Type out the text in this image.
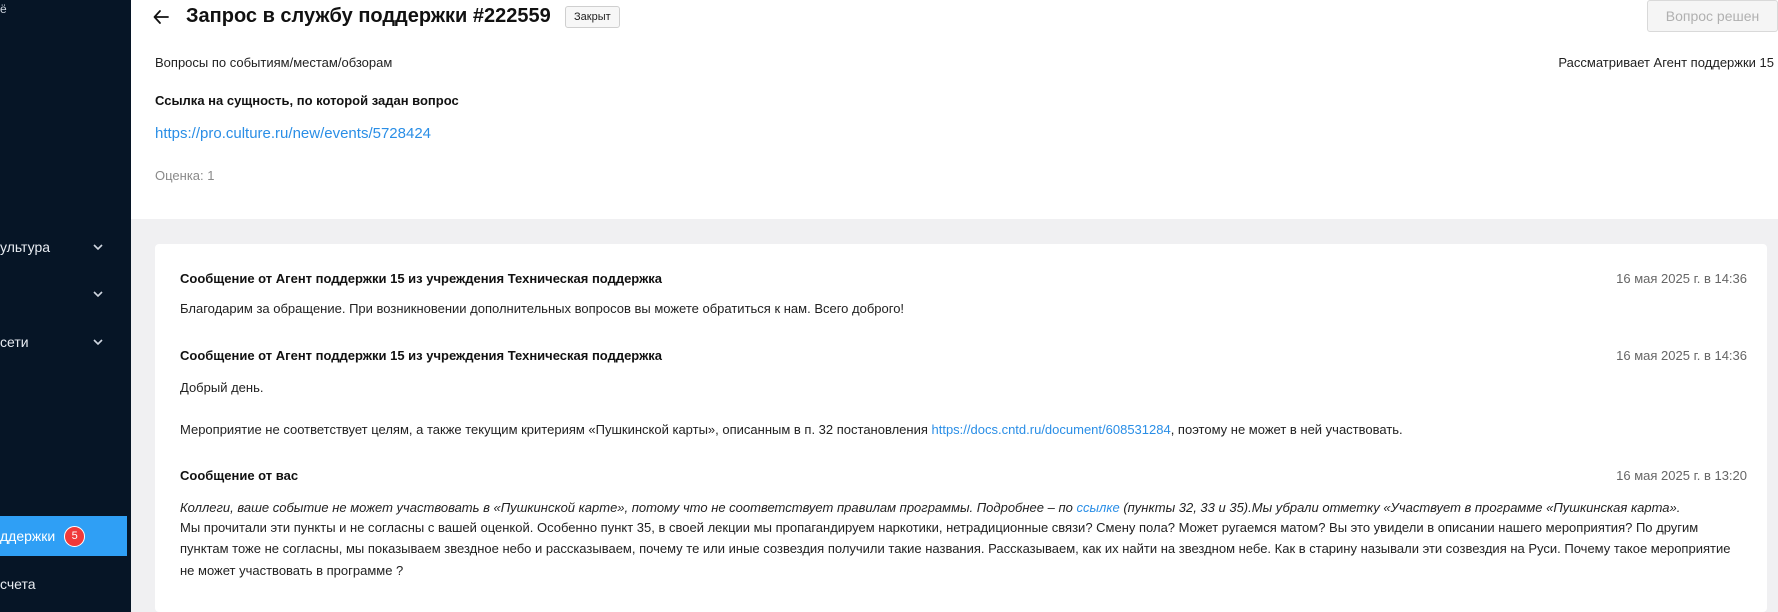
ё
ультура
сети
ддержки	5
счета
Запрос в службу поддержки #222559	Закрыт	Вопрос решен
Вопросы по событиям/местам/обзорам	Рассматривает Агент поддержки 15
Ссылка на сущность, по которой задан вопрос
https://pro.culture.ru/new/events/5728424
Оценка: 1
Сообщение от Агент поддержки 15 из учреждения Техническая поддержка	16 мая 2025 г. в 14:36
Благодарим за обращение. При возникновении дополнительных вопросов вы можете обратиться к нам. Всего доброго!
Сообщение от Агент поддержки 15 из учреждения Техническая поддержка	16 мая 2025 г. в 14:36
Добрый день.
Мероприятие не соответствует целям, а также текущим критериям «Пушкинской карты», описанным в п. 32 постановления https://docs.cntd.ru/document/608531284, поэтому не может в ней участвовать.
Сообщение от вас	16 мая 2025 г. в 13:20
Коллеги, ваше событие не может участвовать в «Пушкинской карте», потому что не соответствует правилам программы. Подробнее – по ссылке (пункты 32, 33 и 35).Мы убрали отметку «Участвует в программе «Пушкинская карта».
Мы прочитали эти пункты и не согласны с вашей оценкой. Особенно пункт 35, в своей лекции мы пропагандируем наркотики, нетрадиционные связи? Смену пола? Может ругаемся матом? Вы это увидели в описании нашего мероприятия? По другим
пунктам тоже не согласны, мы показываем звездное небо и рассказываем, почему те или иные созвездия получили такие названия. Рассказываем, как их найти на звездном небе. Как в старину называли эти созвездия на Руси. Почему такое мероприятие
не может участвовать в программе ?
